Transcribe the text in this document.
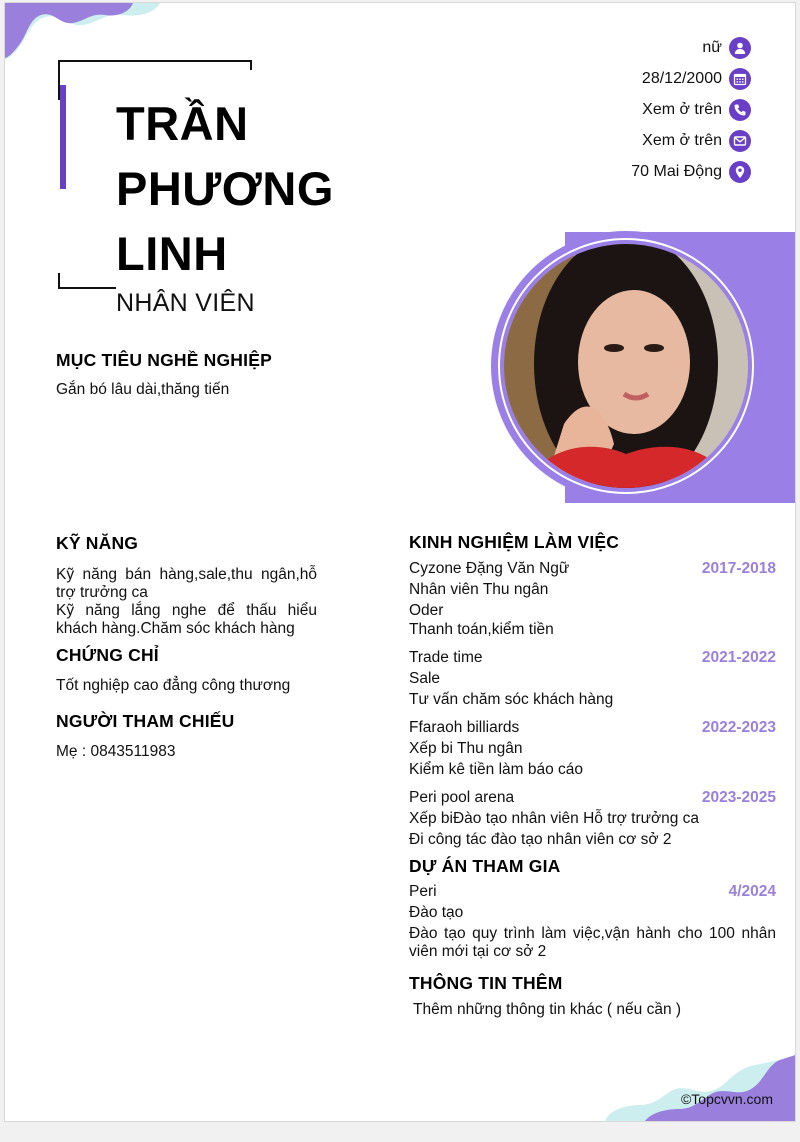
TRẦN
PHƯƠNG
LINH
NHÂN VIÊN
nữ
28/12/2000
Xem ở trên
Xem ở trên
70 Mai Động
MỤC TIÊU NGHỀ NGHIỆP
Gắn bó lâu dài,thăng tiến
KỸ NĂNG
Kỹ năng bán hàng,sale,thu ngân,hỗ trợ trưởng ca
Kỹ năng lắng nghe để thấu hiểu khách hàng.Chăm sóc khách hàng
CHỨNG CHỈ
Tốt nghiệp cao đẳng công thương
NGƯỜI THAM CHIẾU
Mẹ : 0843511983
KINH NGHIỆM LÀM VIỆC
Cyzone Đặng Văn Ngữ	2017-2018
Nhân viên Thu ngân
Oder
Thanh toán,kiểm tiền
Trade time	2021-2022
Sale
Tư vấn chăm sóc khách hàng
Ffaraoh billiards	2022-2023
Xếp bi Thu ngân
Kiểm kê tiền làm báo cáo
Peri pool arena	2023-2025
Xếp biĐào tạo nhân viên Hỗ trợ trưởng ca
Đi công tác đào tạo nhân viên cơ sở 2
DỰ ÁN THAM GIA
Peri	4/2024
Đào tạo
Đào tạo quy trình làm việc,vận hành cho 100 nhân viên mới tại cơ sở 2
THÔNG TIN THÊM
Thêm những thông tin khác ( nếu cần )
©Topcvvn.com
